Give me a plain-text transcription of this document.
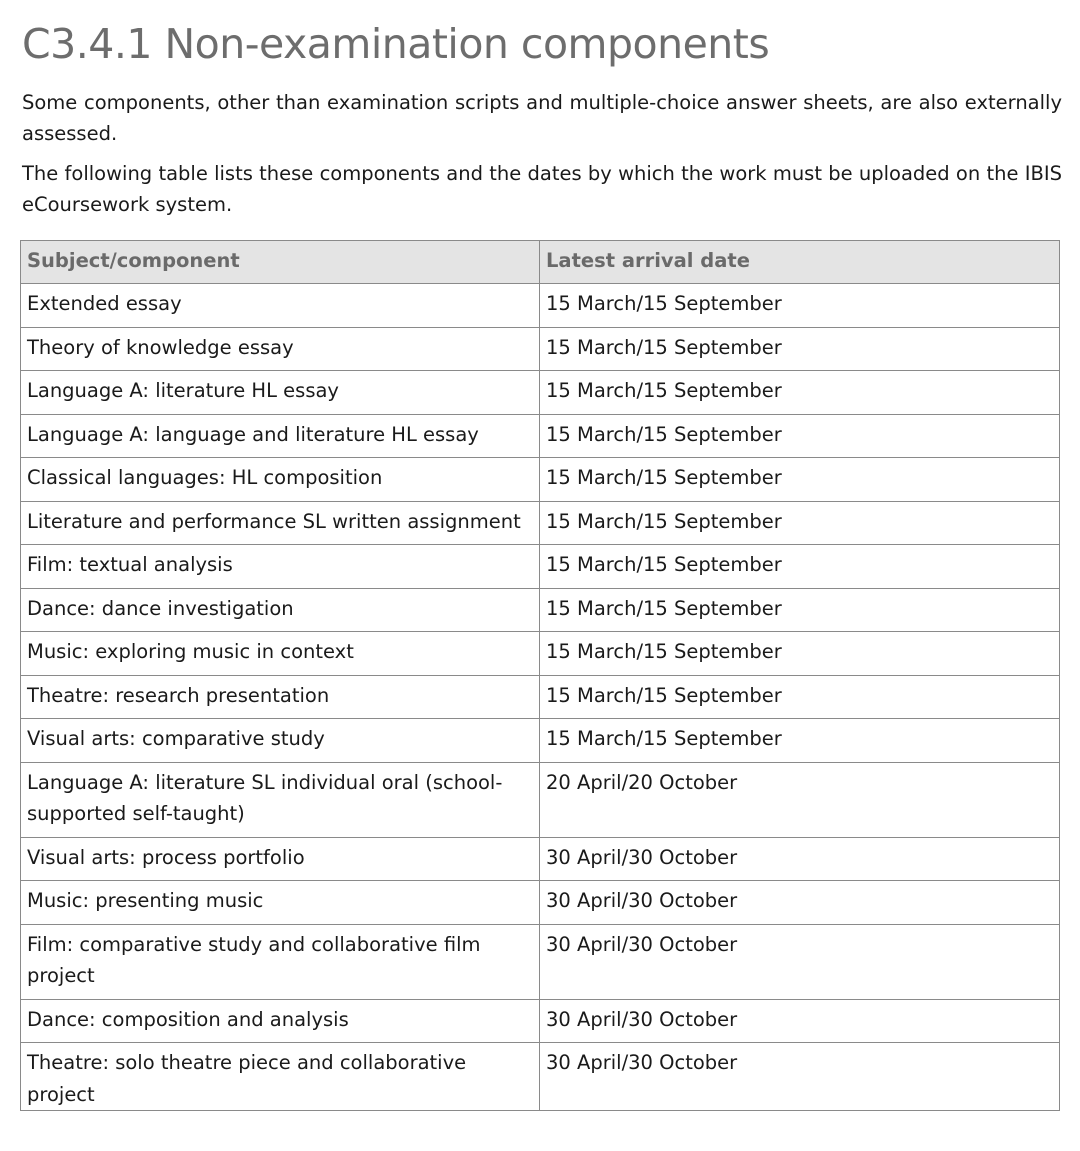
C3.4.1 Non-examination components

Some components, other than examination scripts and multiple-choice answer sheets, are also externally assessed.

The following table lists these components and the dates by which the work must be uploaded on the IBIS eCoursework system.

Subject/component	Latest arrival date
Extended essay	15 March/15 September
Theory of knowledge essay	15 March/15 September
Language A: literature HL essay	15 March/15 September
Language A: language and literature HL essay	15 March/15 September
Classical languages: HL composition	15 March/15 September
Literature and performance SL written assignment	15 March/15 September
Film: textual analysis	15 March/15 September
Dance: dance investigation	15 March/15 September
Music: exploring music in context	15 March/15 September
Theatre: research presentation	15 March/15 September
Visual arts: comparative study	15 March/15 September
Language A: literature SL individual oral (school-supported self-taught)	20 April/20 October
Visual arts: process portfolio	30 April/30 October
Music: presenting music	30 April/30 October
Film: comparative study and collaborative film project	30 April/30 October
Dance: composition and analysis	30 April/30 October
Theatre: solo theatre piece and collaborative project	30 April/30 October
